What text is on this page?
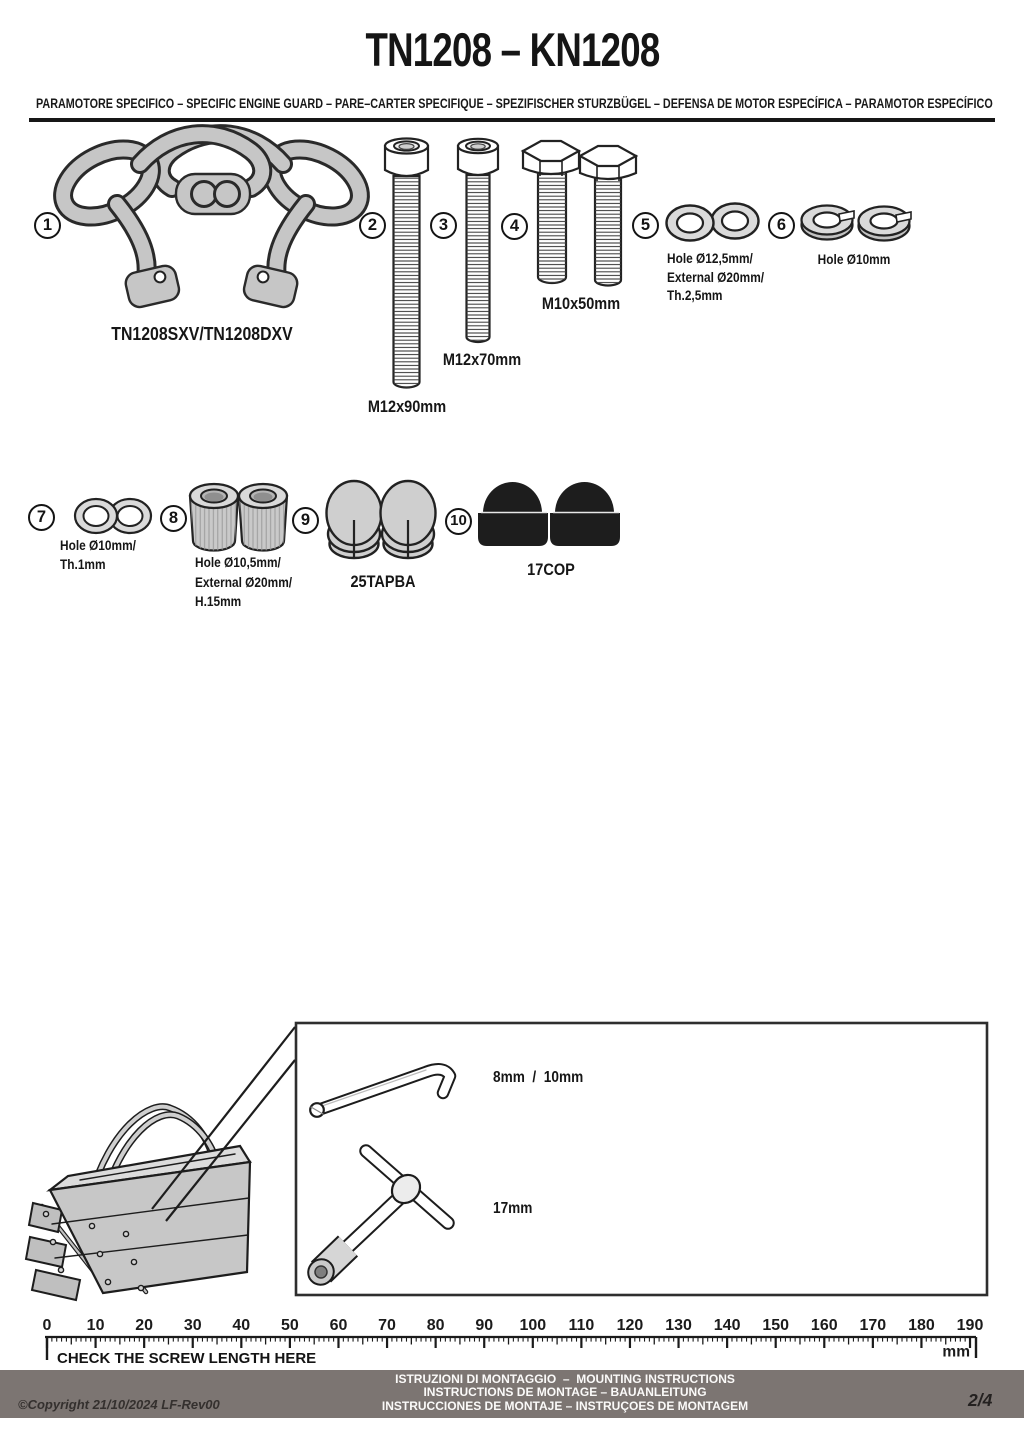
TN1208 – KN1208
PARAMOTORE SPECIFICO – SPECIFIC ENGINE GUARD – PARE–CARTER SPECIFIQUE – SPEZIFISCHER STURZBÜGEL – DEFENSA DE MOTOR ESPECÍFICA – PARAMOTOR ESPECÍFICO
1	2	3	4	5	6
7	8	9	10
TN1208SXV/TN1208DXV
M12x90mm
M12x70mm
M10x50mm
Hole Ø12,5mm/
External Ø20mm/
Th.2,5mm
Hole Ø10mm
Hole Ø10mm/
Th.1mm	Hole Ø10,5mm/
External Ø20mm/
H.15mm
25TAPBA
17COP
8mm  /  10mm
17mm
0 10 20 30 40 50 60 70 80 90 100 110 120 130 140 150 160 170 180 190
mm
CHECK THE SCREW LENGTH HERE
ISTRUZIONI DI MONTAGGIO  –  MOUNTING INSTRUCTIONS
INSTRUCTIONS DE MONTAGE – BAUANLEITUNG
INSTRUCCIONES DE MONTAJE – INSTRUÇOES DE MONTAGEM
©Copyright 21/10/2024 LF-Rev00	2/4
